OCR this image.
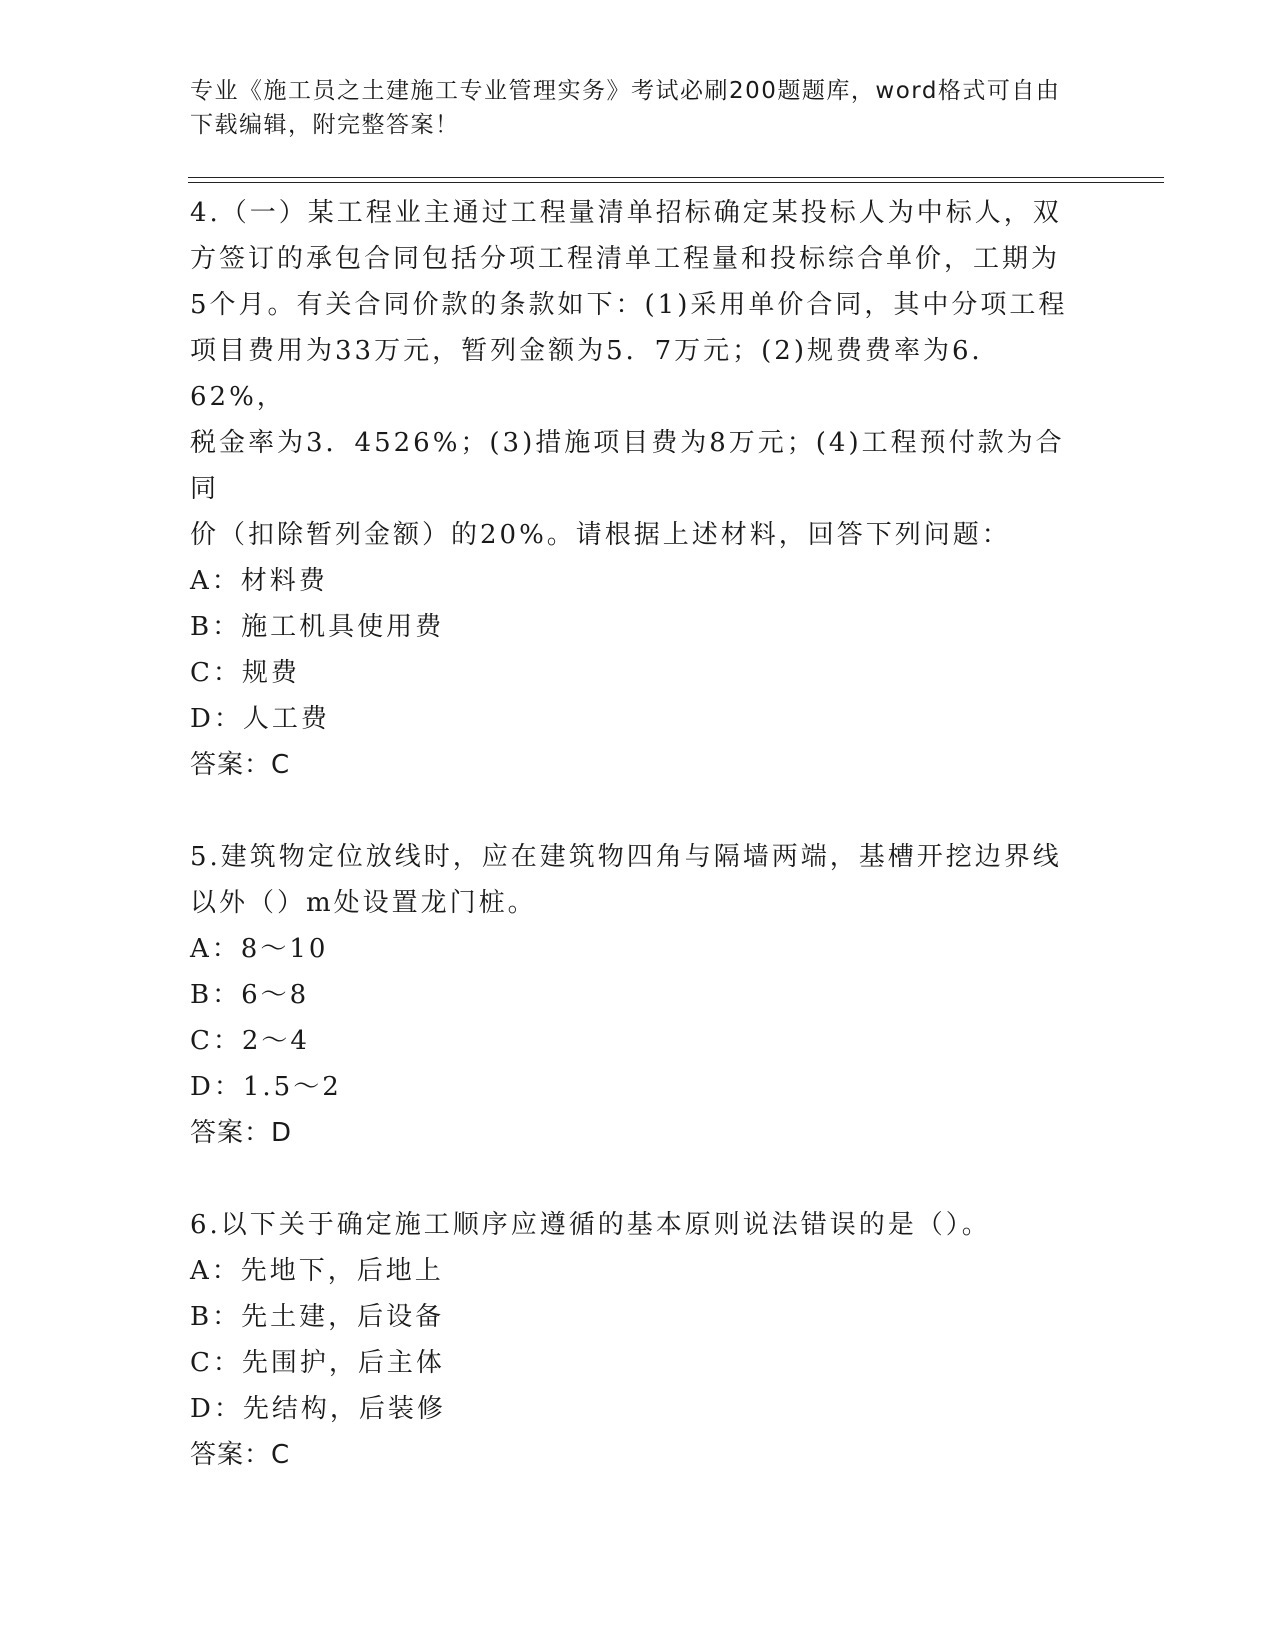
专业《施工员之土建施工专业管理实务》考试必刷200题题库，word格式可自由
下载编辑，附完整答案！
4.（一）某工程业主通过工程量清单招标确定某投标人为中标人，双
方签订的承包合同包括分项工程清单工程量和投标综合单价，工期为
5个月。有关合同价款的条款如下：(1)采用单价合同，其中分项工程
项目费用为33万元，暂列金额为5．7万元；(2)规费费率为6．62%，
税金率为3．4526%；(3)措施项目费为8万元；(4)工程预付款为合同
价（扣除暂列金额）的20%。请根据上述材料，回答下列问题：
A：材料费
B：施工机具使用费
C：规费
D：人工费
答案：C
5.建筑物定位放线时，应在建筑物四角与隔墙两端，基槽开挖边界线
以外（）m处设置龙门桩。
A：8～10
B：6～8
C：2～4
D：1.5～2
答案：D
6.以下关于确定施工顺序应遵循的基本原则说法错误的是（）。
A：先地下，后地上
B：先土建，后设备
C：先围护，后主体
D：先结构，后装修
答案：C
